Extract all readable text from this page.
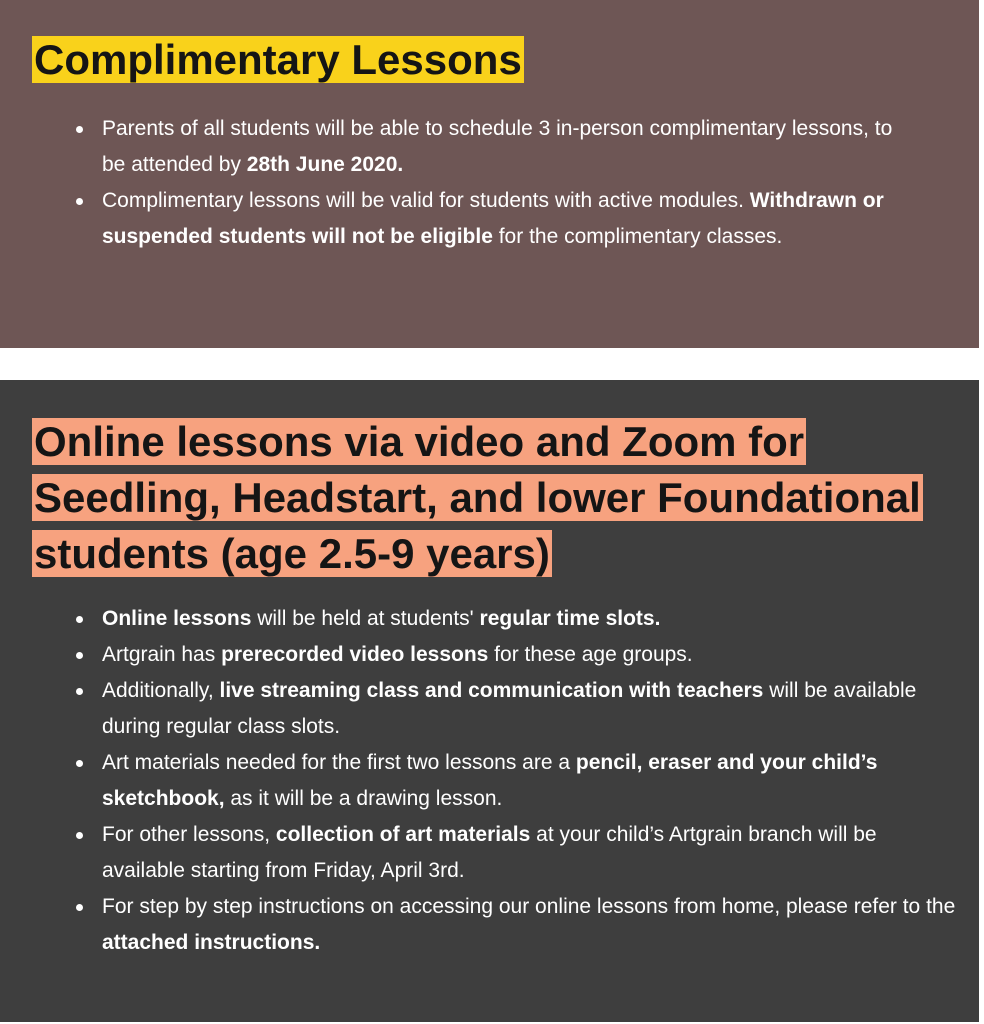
Complimentary Lessons
Parents of all students will be able to schedule 3 in-person complimentary lessons, to be attended by 28th June 2020.
Complimentary lessons will be valid for students with active modules. Withdrawn or suspended students will not be eligible for the complimentary classes.
Online lessons via video and Zoom for Seedling, Headstart, and lower Foundational students (age 2.5-9 years)
Online lessons will be held at students' regular time slots.
Artgrain has prerecorded video lessons for these age groups.
Additionally, live streaming class and communication with teachers will be available during regular class slots.
Art materials needed for the first two lessons are a pencil, eraser and your child’s sketchbook, as it will be a drawing lesson.
For other lessons, collection of art materials at your child’s Artgrain branch will be available starting from Friday, April 3rd.
For step by step instructions on accessing our online lessons from home, please refer to the attached instructions.
